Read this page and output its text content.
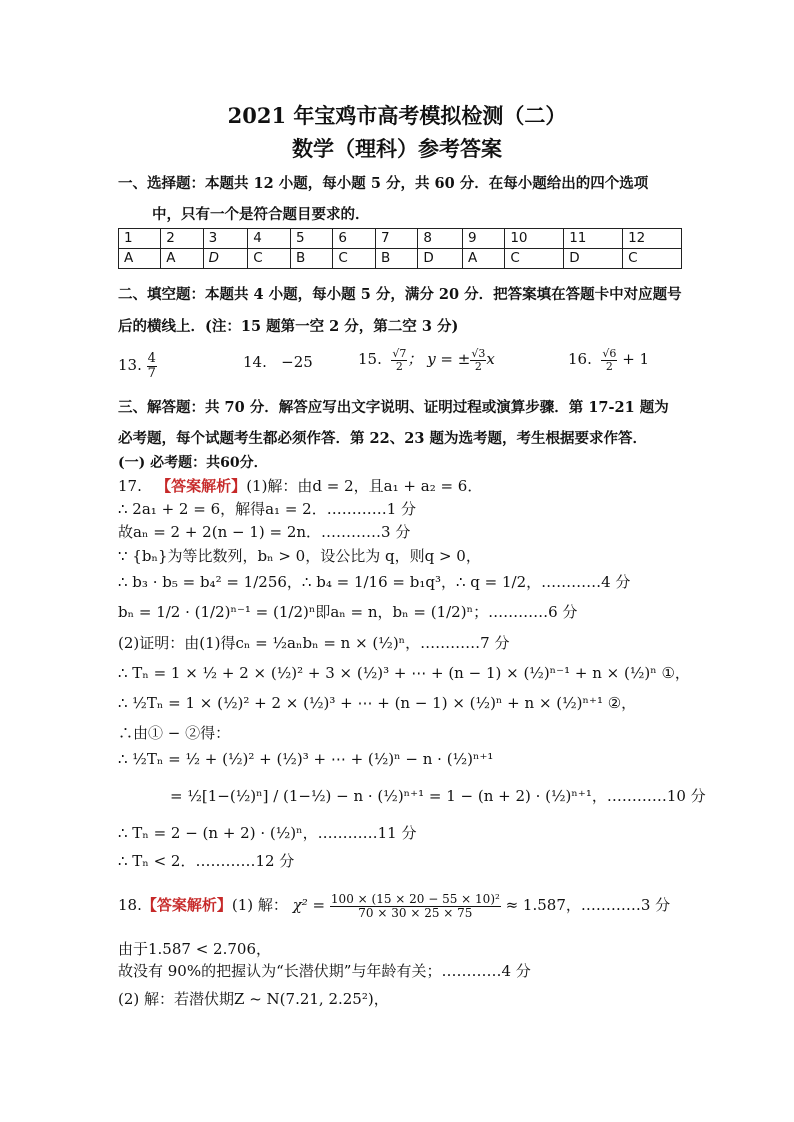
2021 年宝鸡市高考模拟检测（二）
数学（理科）参考答案
一、选择题：本题共 12 小题，每小题 5 分，共 60 分．在每小题给出的四个选项
中，只有一个是符合题目要求的．
1	2	3	4	5	6	7	8	9	10	11	12
A	A	D	C	B	C	B	D	A	C	D	C
二、填空题：本题共 4 小题，每小题 5 分，满分 20 分．把答案填在答题卡中对应题号
后的横线上．(注：15 题第一空 2 分，第二空 3 分)
13. $\frac{4}{7}$	14. −25	15. $\frac{√7}{2}$ ； y = ± $\frac{√3}{2}$ x	16. $\frac{√6}{2} + 1$
三、解答题：共 70 分．解答应写出文字说明、证明过程或演算步骤．第 17-21 题为
必考题，每个试题考生都必须作答．第 22、23 题为选考题，考生根据要求作答．
(一) 必考题：共60分．
17. 【答案解析】(1)解：由d = 2，且a₁ + a₂ = 6．
∴ 2a₁ + 2 = 6，解得a₁ = 2．…………1 分
故aₙ = 2 + 2(n − 1) = 2n．…………3 分
∵ {bₙ}为等比数列，bₙ > 0，设公比为 q，则q > 0，
∴ b₃ · b₅ = b₄² = 1/256，∴ b₄ = 1/16 = b₁q³，∴ q = 1/2，…………4 分
bₙ = 1/2 · (1/2)ⁿ⁻¹ = (1/2)ⁿ即aₙ = n，bₙ = (1/2)ⁿ；…………6 分
(2)证明：由(1)得cₙ = ½aₙbₙ = n × (½)ⁿ，…………7 分
∴ Tₙ = 1 × ½ + 2 × (½)² + 3 × (½)³ + ⋯ + (n − 1) × (½)ⁿ⁻¹ + n × (½)ⁿ ①，
∴ ½Tₙ = 1 × (½)² + 2 × (½)³ + ⋯ + (n − 1) × (½)ⁿ + n × (½)ⁿ⁺¹ ②，
∴由① − ②得：
∴ ½Tₙ = ½ + (½)² + (½)³ + ⋯ + (½)ⁿ − n · (½)ⁿ⁺¹
= ½[1−(½)ⁿ] / (1−½) − n · (½)ⁿ⁺¹ = 1 − (n + 2) · (½)ⁿ⁺¹，…………10 分
∴ Tₙ = 2 − (n + 2) · (½)ⁿ，…………11 分
∴ Tₙ < 2．…………12 分
18.【答案解析】(1) 解： $\chi^2 = \frac{\text{100 × (15 × 20 − 55 × 10)²}}{70 \times 30 \times 25 \times 75} \approx 1.587$，…………3 分
由于1.587 < 2.706，
故没有 90%的把握认为“长潜伏期”与年龄有关；…………4 分
(2) 解：若潜伏期Z ~ N(7.21, 2.25²)，
